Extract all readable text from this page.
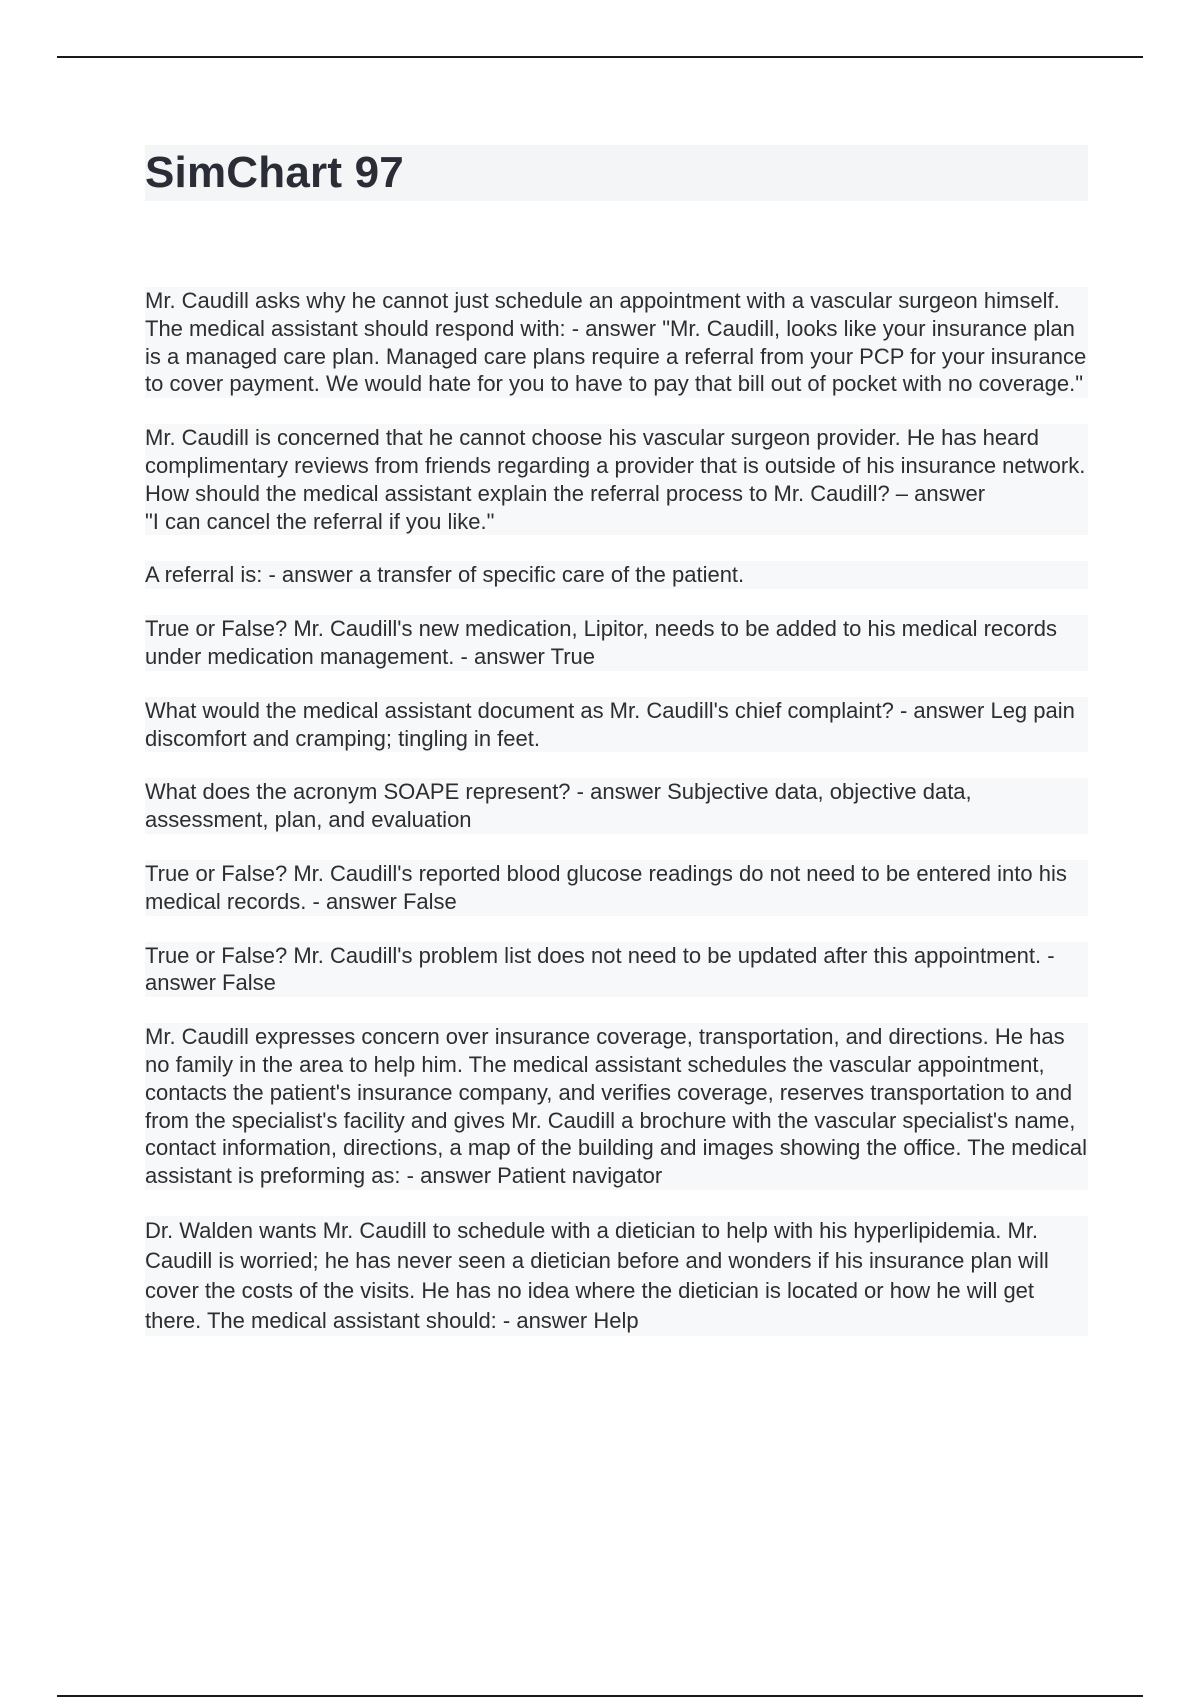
SimChart 97
Mr. Caudill asks why he cannot just schedule an appointment with a vascular surgeon himself. The medical assistant should respond with: - answer "Mr. Caudill, looks like your insurance plan is a managed care plan. Managed care plans require a referral from your PCP for your insurance to cover payment. We would hate for you to have to pay that bill out of pocket with no coverage."
Mr. Caudill is concerned that he cannot choose his vascular surgeon provider. He has heard complimentary reviews from friends regarding a provider that is outside of his insurance network. How should the medical assistant explain the referral process to Mr. Caudill? – answer
"I can cancel the referral if you like."
A referral is: - answer a transfer of specific care of the patient.
True or False? Mr. Caudill's new medication, Lipitor, needs to be added to his medical records under medication management. - answer True
What would the medical assistant document as Mr. Caudill's chief complaint? - answer Leg pain discomfort and cramping; tingling in feet.
What does the acronym SOAPE represent? - answer Subjective data, objective data, assessment, plan, and evaluation
True or False? Mr. Caudill's reported blood glucose readings do not need to be entered into his medical records. - answer False
True or False? Mr. Caudill's problem list does not need to be updated after this appointment. - answer False
Mr. Caudill expresses concern over insurance coverage, transportation, and directions. He has no family in the area to help him. The medical assistant schedules the vascular appointment, contacts the patient's insurance company, and verifies coverage, reserves transportation to and from the specialist's facility and gives Mr. Caudill a brochure with the vascular specialist's name, contact information, directions, a map of the building and images showing the office. The medical assistant is preforming as: - answer Patient navigator
Dr. Walden wants Mr. Caudill to schedule with a dietician to help with his hyperlipidemia. Mr. Caudill is worried; he has never seen a dietician before and wonders if his insurance plan will cover the costs of the visits. He has no idea where the dietician is located or how he will get there. The medical assistant should: - answer Help
